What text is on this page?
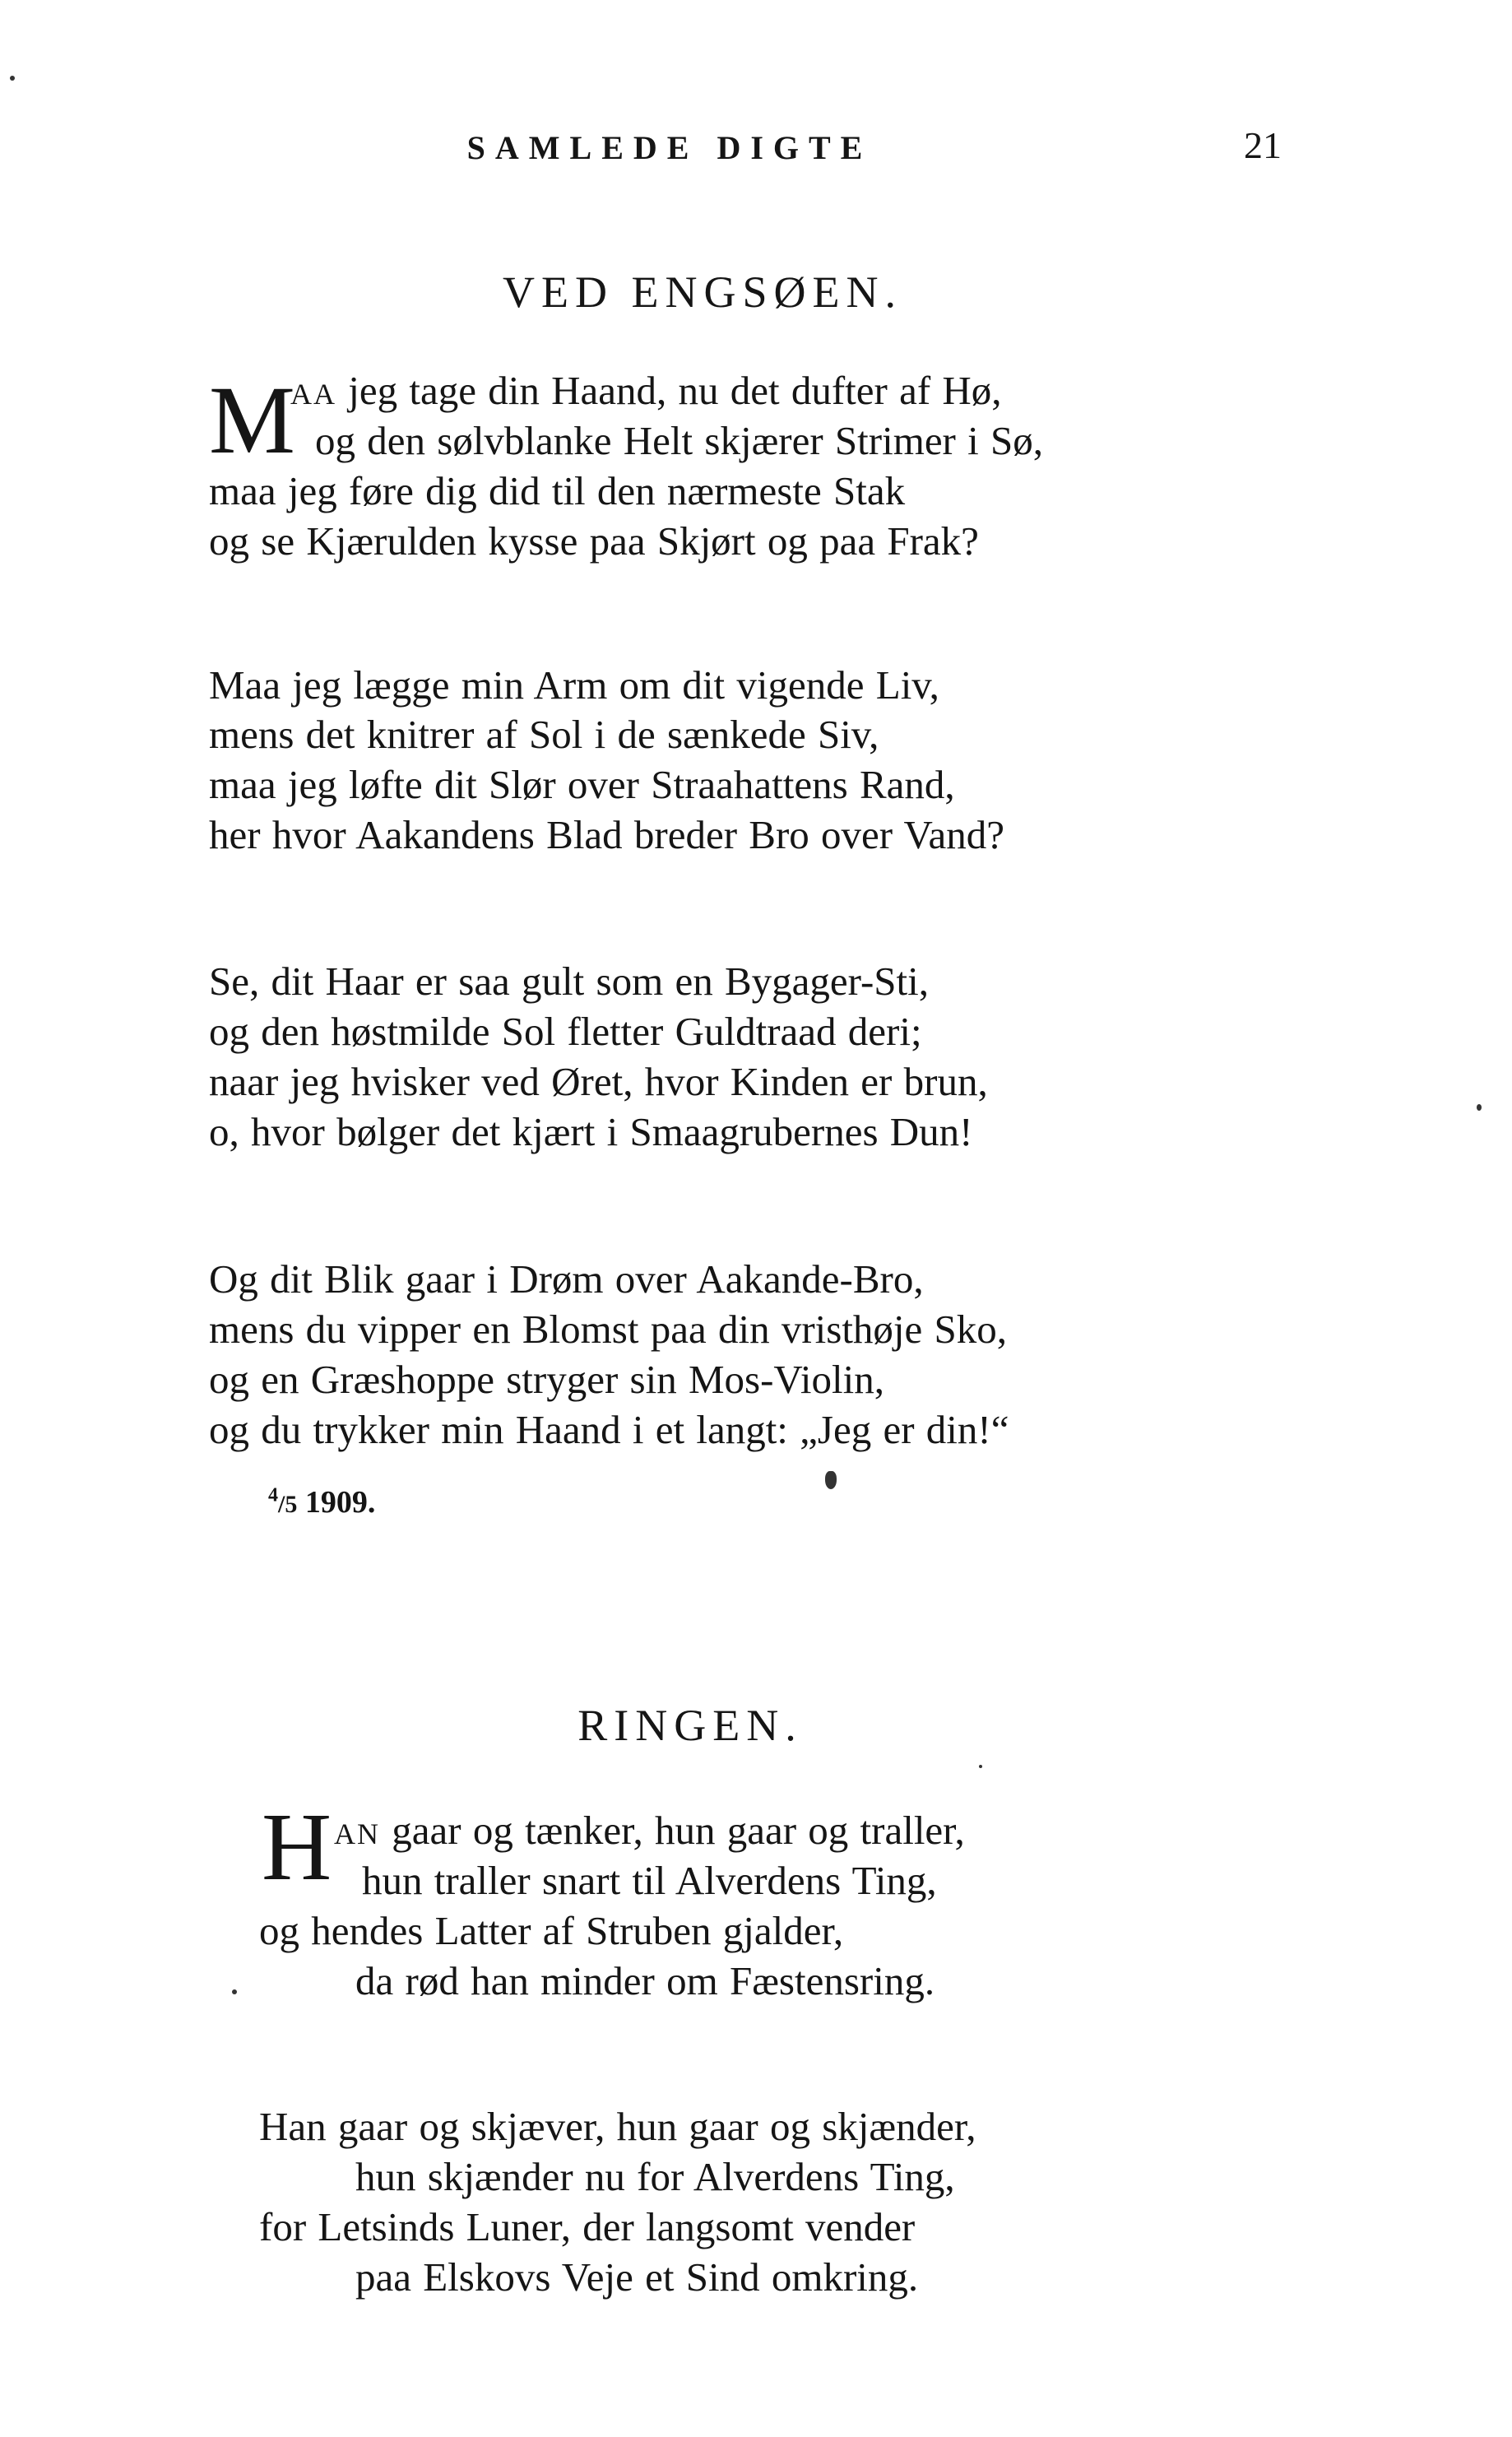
SAMLEDE DIGTE	21
VED ENGSØEN.
M
AA jeg tage din Haand, nu det dufter af Hø,
og den sølvblanke Helt skjærer Strimer i Sø,
maa jeg føre dig did til den nærmeste Stak
og se Kjærulden kysse paa Skjørt og paa Frak?
Maa jeg lægge min Arm om dit vigende Liv,
mens det knitrer af Sol i de sænkede Siv,
maa jeg løfte dit Slør over Straahattens Rand,
her hvor Aakandens Blad breder Bro over Vand?
Se, dit Haar er saa gult som en Bygager-Sti,
og den høstmilde Sol fletter Guldtraad deri;
naar jeg hvisker ved Øret, hvor Kinden er brun,
o, hvor bølger det kjært i Smaagrubernes Dun!
Og dit Blik gaar i Drøm over Aakande-Bro,
mens du vipper en Blomst paa din vristhøje Sko,
og en Græshoppe stryger sin Mos-Violin,
og du trykker min Haand i et langt: „Jeg er din!“
$^4$/5 1909.
RINGEN.
H AN gaar og tænker, hun gaar og traller,
hun traller snart til Alverdens Ting,
og hendes Latter af Struben gjalder,
da rød han minder om Fæstensring.
Han gaar og skjæver, hun gaar og skjænder,
hun skjænder nu for Alverdens Ting,
for Letsinds Luner, der langsomt vender
paa Elskovs Veje et Sind omkring.
